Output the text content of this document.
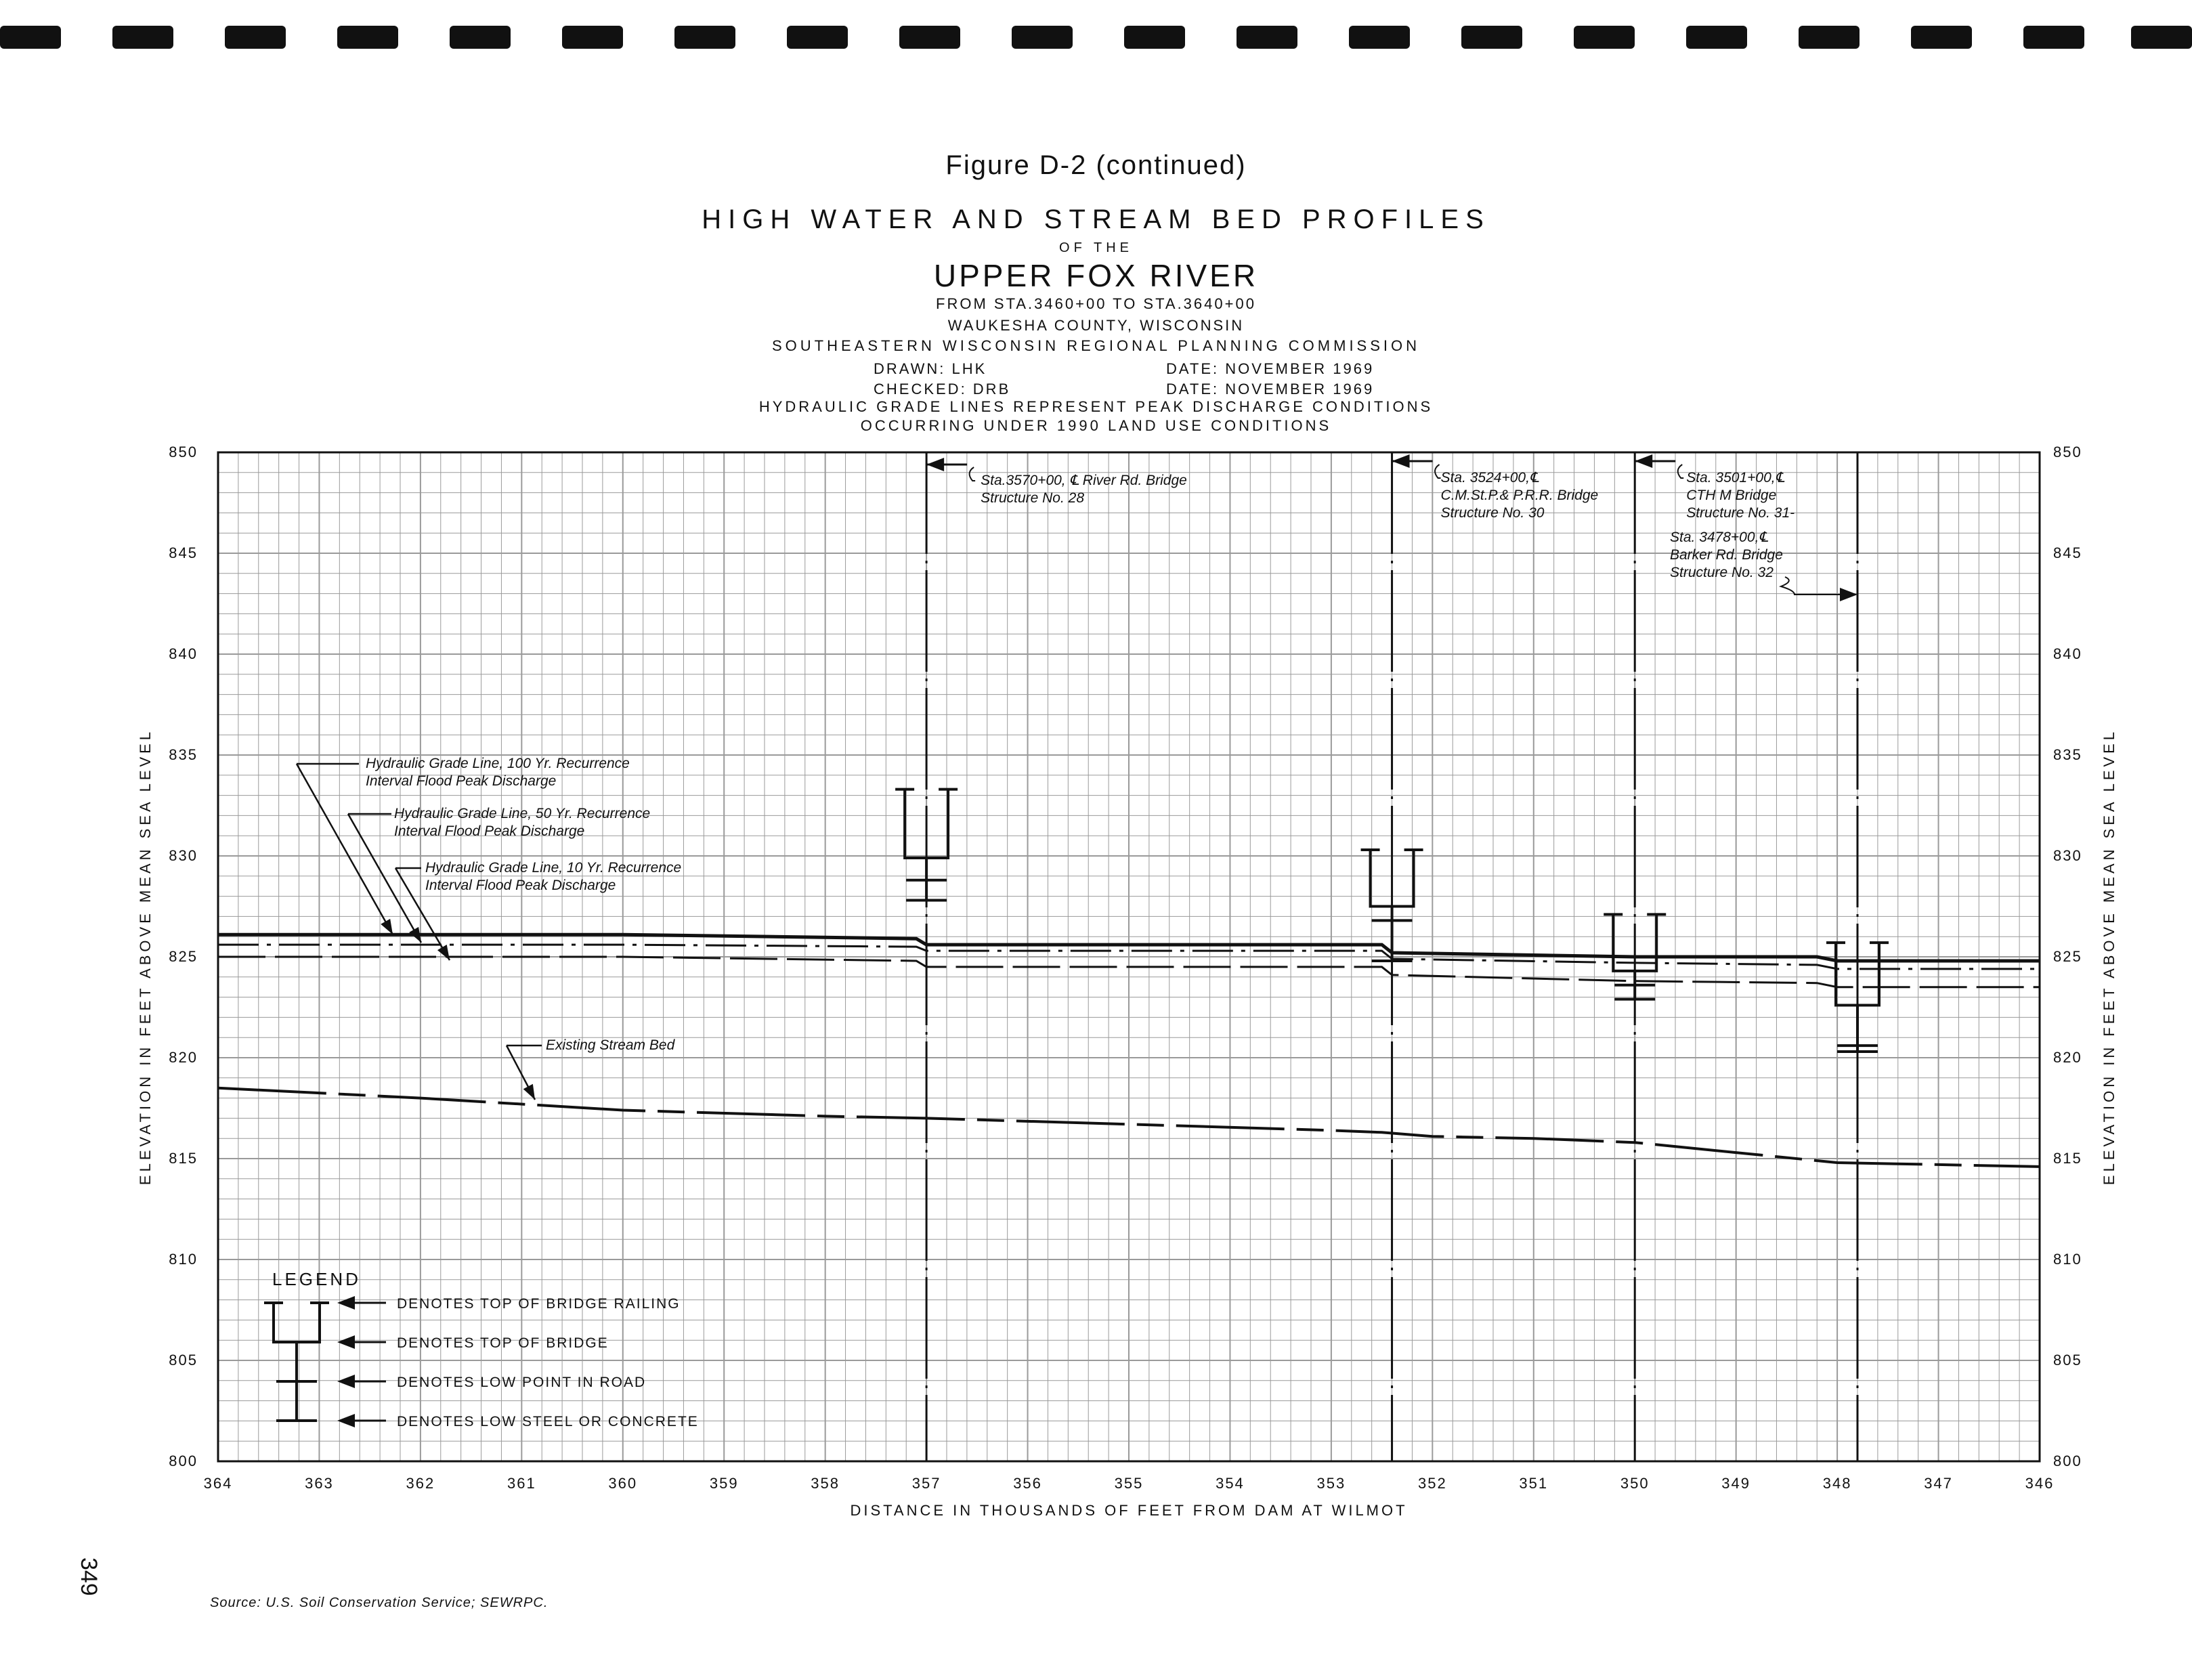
Figure D-2 (continued)
HIGH WATER AND STREAM BED PROFILES
OF THE
UPPER FOX RIVER
FROM STA.3460+00 TO STA.3640+00
WAUKESHA COUNTY, WISCONSIN
SOUTHEASTERN WISCONSIN REGIONAL PLANNING COMMISSION
DRAWN: LHK	DATE: NOVEMBER 1969
CHECKED: DRB	DATE: NOVEMBER 1969
HYDRAULIC GRADE LINES REPRESENT PEAK DISCHARGE CONDITIONS
OCCURRING UNDER 1990 LAND USE CONDITIONS
364	363	362	361	360	359	358	357	356	355	354	353	352	351	350	349	348	347	346
800	800
805	805
810	810
815	815
820	820
825	825
830	830
835	835
840	840
845	845
850	850
DISTANCE IN THOUSANDS OF FEET FROM DAM AT WILMOT
ELEVATION IN FEET ABOVE MEAN SEA LEVEL	ELEVATION IN FEET ABOVE MEAN SEA LEVEL
Sta.3570+00, ℄ River Rd. Bridge
Structure No. 28
Sta. 3524+00,℄
C.M.St.P.& P.R.R. Bridge
Structure No. 30
Sta. 3501+00,℄
CTH M Bridge
Structure No. 31-
Sta. 3478+00,℄
Barker Rd. Bridge
Structure No. 32
Hydraulic Grade Line, 100 Yr. Recurrence
Interval Flood Peak Discharge
Hydraulic Grade Line, 50 Yr. Recurrence
Interval Flood Peak Discharge
Hydraulic Grade Line, 10 Yr. Recurrence
Interval Flood Peak Discharge
Existing Stream Bed
LEGEND
DENOTES TOP OF BRIDGE RAILING
DENOTES TOP OF BRIDGE
DENOTES LOW POINT IN ROAD
DENOTES LOW STEEL OR CONCRETE
349
Source: U.S. Soil Conservation Service; SEWRPC.
